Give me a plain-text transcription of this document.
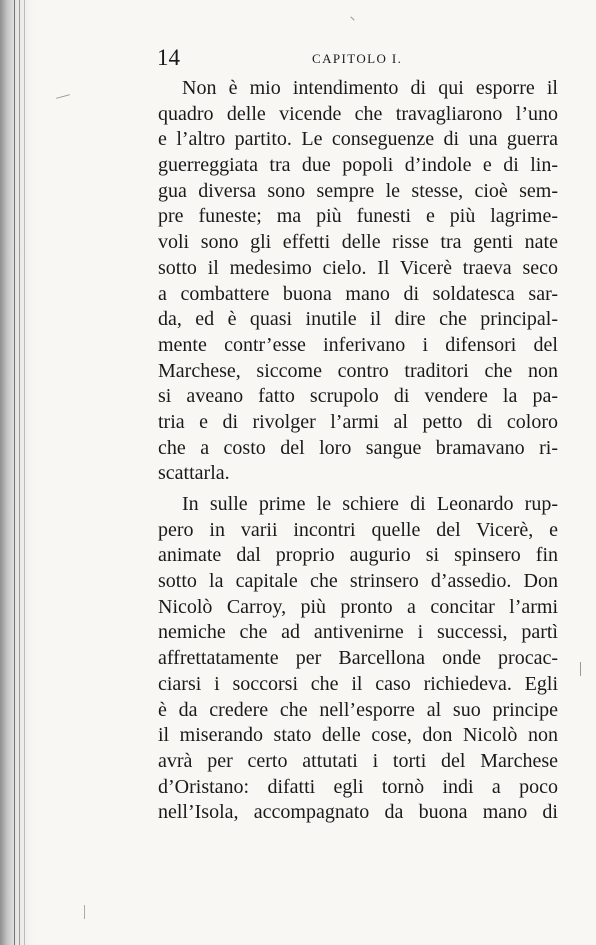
14	CAPITOLO I.
Non è mio intendimento di qui esporre il
quadro delle vicende che travagliarono l’uno
e l’altro partito. Le conseguenze di una guerra
guerreggiata tra due popoli d’indole e di lin-
gua diversa sono sempre le stesse, cioè sem-
pre funeste; ma più funesti e più lagrime-
voli sono gli effetti delle risse tra genti nate
sotto il medesimo cielo. Il Vicerè traeva seco
a combattere buona mano di soldatesca sar-
da, ed è quasi inutile il dire che principal-
mente contr’esse inferivano i difensori del
Marchese, siccome contro traditori che non
si aveano fatto scrupolo di vendere la pa-
tria e di rivolger l’armi al petto di coloro
che a costo del loro sangue bramavano ri-
scattarla.
In sulle prime le schiere di Leonardo rup-
pero in varii incontri quelle del Vicerè, e
animate dal proprio augurio si spinsero fin
sotto la capitale che strinsero d’assedio. Don
Nicolò Carroy, più pronto a concitar l’armi
nemiche che ad antivenirne i successi, partì
affrettatamente per Barcellona onde procac-
ciarsi i soccorsi che il caso richiedeva. Egli
è da credere che nell’esporre al suo principe
il miserando stato delle cose, don Nicolò non
avrà per certo attutati i torti del Marchese
d’Oristano: difatti egli tornò indi a poco
nell’Isola, accompagnato da buona mano di
